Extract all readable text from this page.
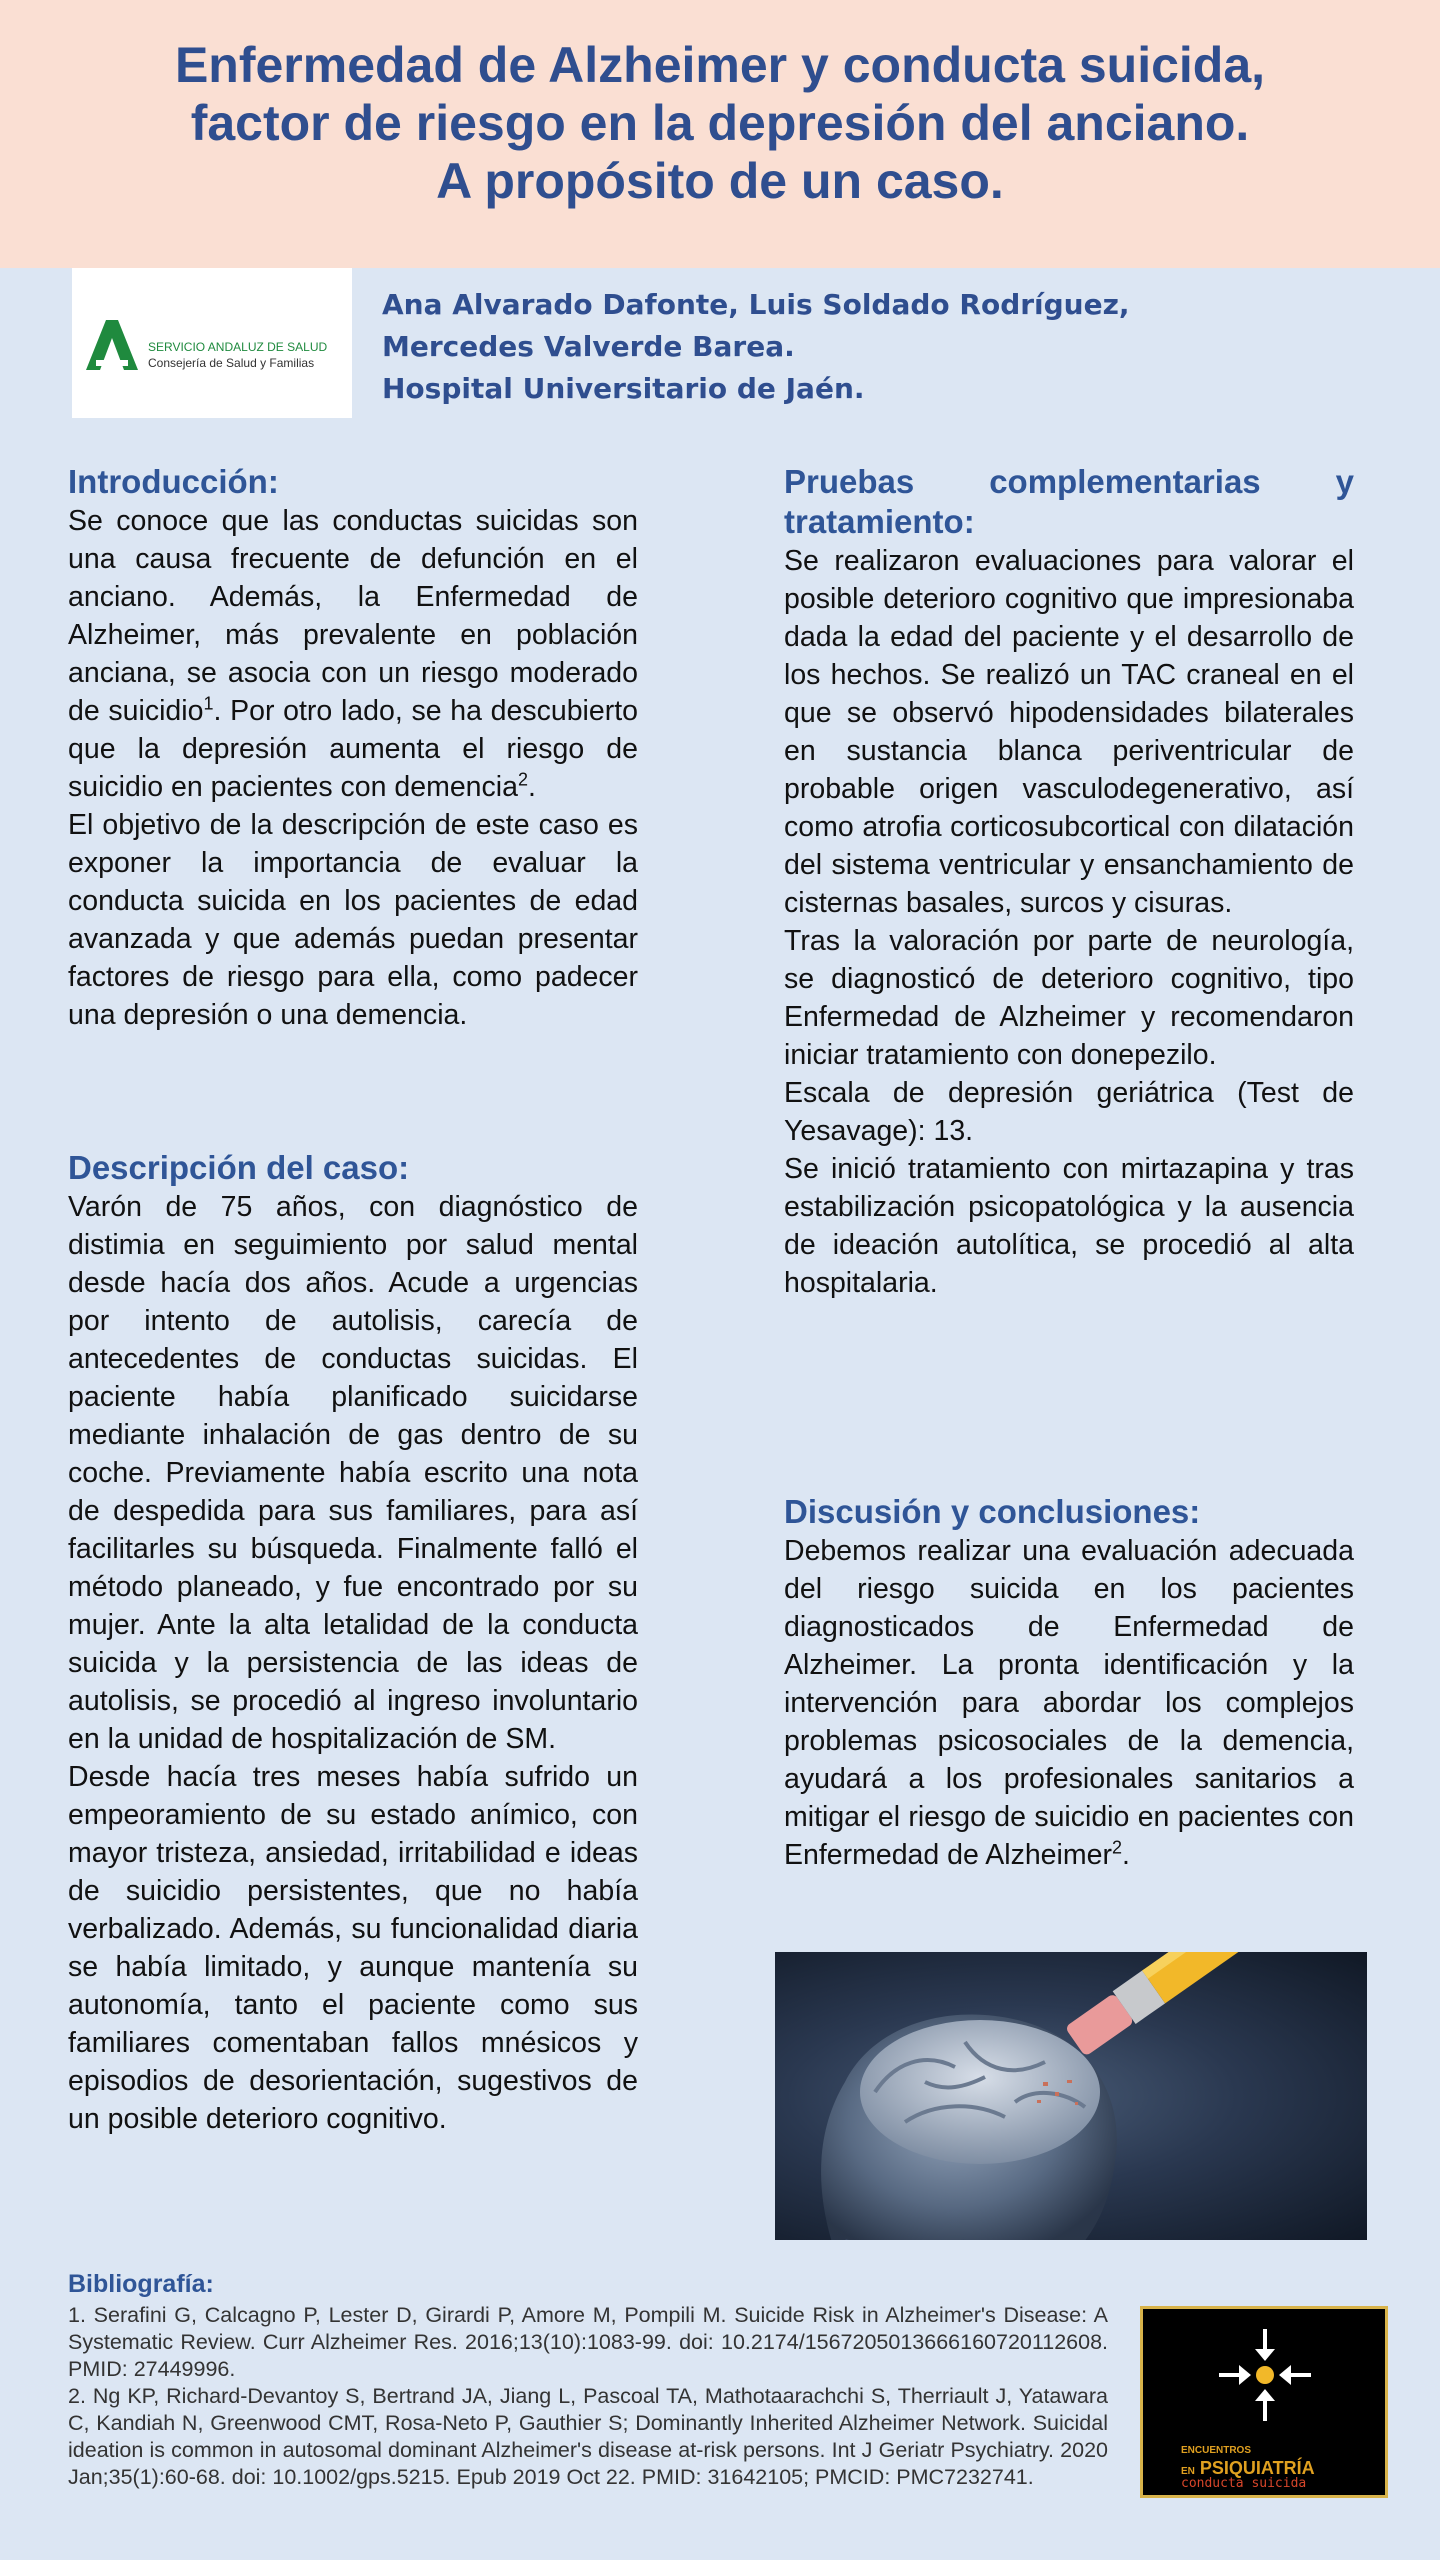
Enfermedad de Alzheimer y conducta suicida,
factor de riesgo en la depresión del anciano.
A propósito de un caso.
SERVICIO ANDALUZ DE SALUD
Consejería de Salud y Familias
Ana Alvarado Dafonte, Luis Soldado Rodríguez,
Mercedes Valverde Barea.
Hospital Universitario de Jaén.
Introducción:

Se conoce que las conductas suicidas son una causa frecuente de defunción en el anciano. Además, la Enfermedad de Alzheimer, más prevalente en población anciana, se asocia con un riesgo moderado de suicidio$^1$. Por otro lado, se ha descubierto que la depresión aumenta el riesgo de suicidio en pacientes con demencia$^2$.

El objetivo de la descripción de este caso es exponer la importancia de evaluar la conducta suicida en los pacientes de edad avanzada y que además puedan presentar factores de riesgo para ella, como padecer una depresión o una demencia.

Descripción del caso:

Varón de 75 años, con diagnóstico de distimia en seguimiento por salud mental desde hacía dos años. Acude a urgencias por intento de autolisis, carecía de antecedentes de conductas suicidas. El paciente había planificado suicidarse mediante inhalación de gas dentro de su coche. Previamente había escrito una nota de despedida para sus familiares, para así facilitarles su búsqueda. Finalmente falló el método planeado, y fue encontrado por su mujer. Ante la alta letalidad de la conducta suicida y la persistencia de las ideas de autolisis, se procedió al ingreso involuntario en la unidad de hospitalización de SM.

Desde hacía tres meses había sufrido un empeoramiento de su estado anímico, con mayor tristeza, ansiedad, irritabilidad e ideas de suicidio persistentes, que no había verbalizado. Además, su funcionalidad diaria se había limitado, y aunque mantenía su autonomía, tanto el paciente como sus familiares comentaban fallos mnésicos y episodios de desorientación, sugestivos de un posible deterioro cognitivo.

Pruebas complementarias y tratamiento:

Se realizaron evaluaciones para valorar el posible deterioro cognitivo que impresionaba dada la edad del paciente y el desarrollo de los hechos. Se realizó un TAC craneal en el que se observó hipodensidades bilaterales en sustancia blanca periventricular de probable origen vasculodegenerativo, así como atrofia corticosubcortical con dilatación del sistema ventricular y ensanchamiento de cisternas basales, surcos y cisuras.

Tras la valoración por parte de neurología, se diagnosticó de deterioro cognitivo, tipo Enfermedad de Alzheimer y recomendaron iniciar tratamiento con donepezilo.

Escala de depresión geriátrica (Test de Yesavage): 13.

Se inició tratamiento con mirtazapina y tras estabilización psicopatológica y la ausencia de ideación autolítica, se procedió al alta hospitalaria.

Discusión y conclusiones:

Debemos realizar una evaluación adecuada del riesgo suicida en los pacientes diagnosticados de Enfermedad de Alzheimer. La pronta identificación y la intervención para abordar los complejos problemas psicosociales de la demencia, ayudará a los profesionales sanitarios a mitigar el riesgo de suicidio en pacientes con Enfermedad de Alzheimer$^2$.

Bibliografía:

1. Serafini G, Calcagno P, Lester D, Girardi P, Amore M, Pompili M. Suicide Risk in Alzheimer's Disease: A Systematic Review. Curr Alzheimer Res. 2016;13(10):1083-99. doi: 10.2174/1567205013666160720112608. PMID: 27449996.

2. Ng KP, Richard-Devantoy S, Bertrand JA, Jiang L, Pascoal TA, Mathotaarachchi S, Therriault J, Yatawara C, Kandiah N, Greenwood CMT, Rosa-Neto P, Gauthier S; Dominantly Inherited Alzheimer Network. Suicidal ideation is common in autosomal dominant Alzheimer's disease at-risk persons. Int J Geriatr Psychiatry. 2020 Jan;35(1):60-68. doi: 10.1002/gps.5215. Epub 2019 Oct 22. PMID: 31642105; PMCID: PMC7232741.

ENCUENTROS
EN PSIQUIATRÍA
conducta suicida
